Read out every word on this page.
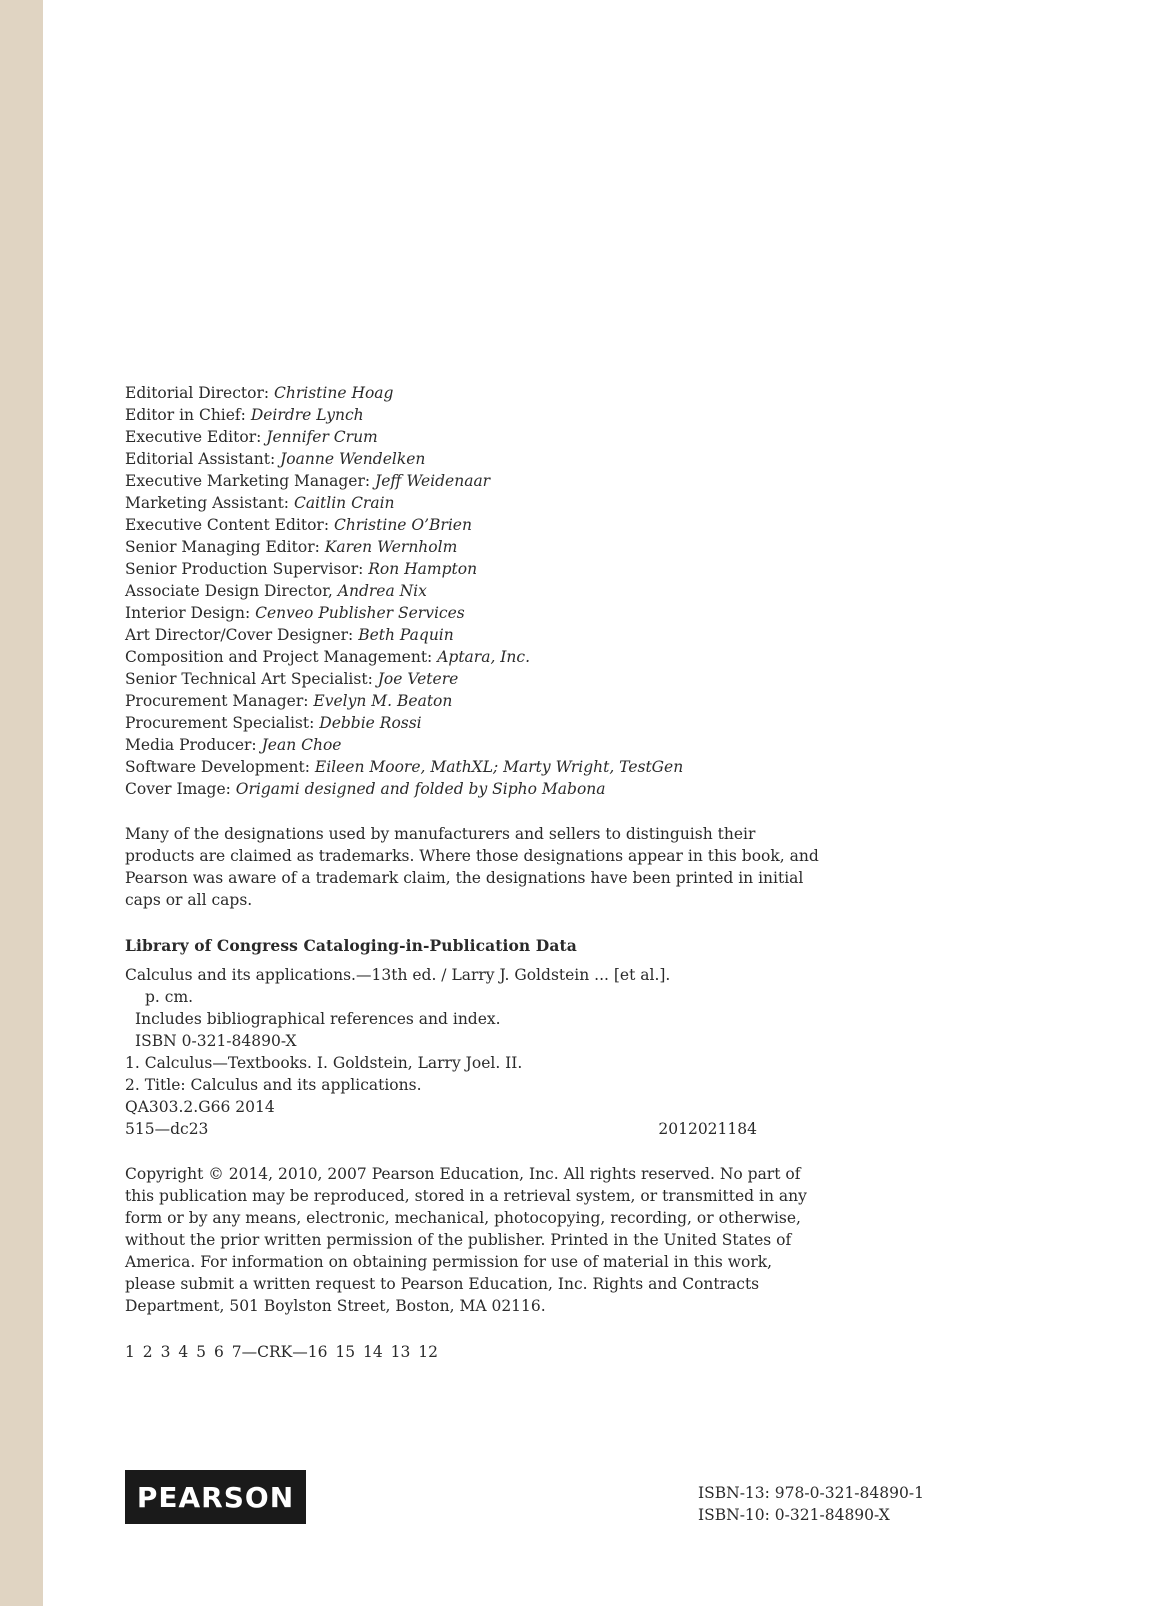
Editorial Director: Christine Hoag
Editor in Chief: Deirdre Lynch
Executive Editor: Jennifer Crum
Editorial Assistant: Joanne Wendelken
Executive Marketing Manager: Jeff Weidenaar
Marketing Assistant: Caitlin Crain
Executive Content Editor: Christine O’Brien
Senior Managing Editor: Karen Wernholm
Senior Production Supervisor: Ron Hampton
Associate Design Director, Andrea Nix
Interior Design: Cenveo Publisher Services
Art Director/Cover Designer: Beth Paquin
Composition and Project Management: Aptara, Inc.
Senior Technical Art Specialist: Joe Vetere
Procurement Manager: Evelyn M. Beaton
Procurement Specialist: Debbie Rossi
Media Producer: Jean Choe
Software Development: Eileen Moore, MathXL; Marty Wright, TestGen
Cover Image: Origami designed and folded by Sipho Mabona
Many of the designations used by manufacturers and sellers to distinguish their products are claimed as trademarks. Where those designations appear in this book, and Pearson was aware of a trademark claim, the designations have been printed in initial caps or all caps.
Library of Congress Cataloging-in-Publication Data
Calculus and its applications.—13th ed. / Larry J. Goldstein ... [et al.].
p. cm.
Includes bibliographical references and index.
ISBN 0-321-84890-X
1. Calculus—Textbooks. I. Goldstein, Larry Joel. II.
2. Title: Calculus and its applications.
QA303.2.G66 2014
515—dc23	2012021184
Copyright © 2014, 2010, 2007 Pearson Education, Inc. All rights reserved. No part of this publication may be reproduced, stored in a retrieval system, or transmitted in any form or by any means, electronic, mechanical, photocopying, recording, or otherwise, without the prior written permission of the publisher. Printed in the United States of America. For information on obtaining permission for use of material in this work, please submit a written request to Pearson Education, Inc. Rights and Contracts Department, 501 Boylston Street, Boston, MA 02116.
1 2 3 4 5 6 7—CRK—16 15 14 13 12
PEARSON	ISBN-13: 978-0-321-84890-1
ISBN-10: 0-321-84890-X
